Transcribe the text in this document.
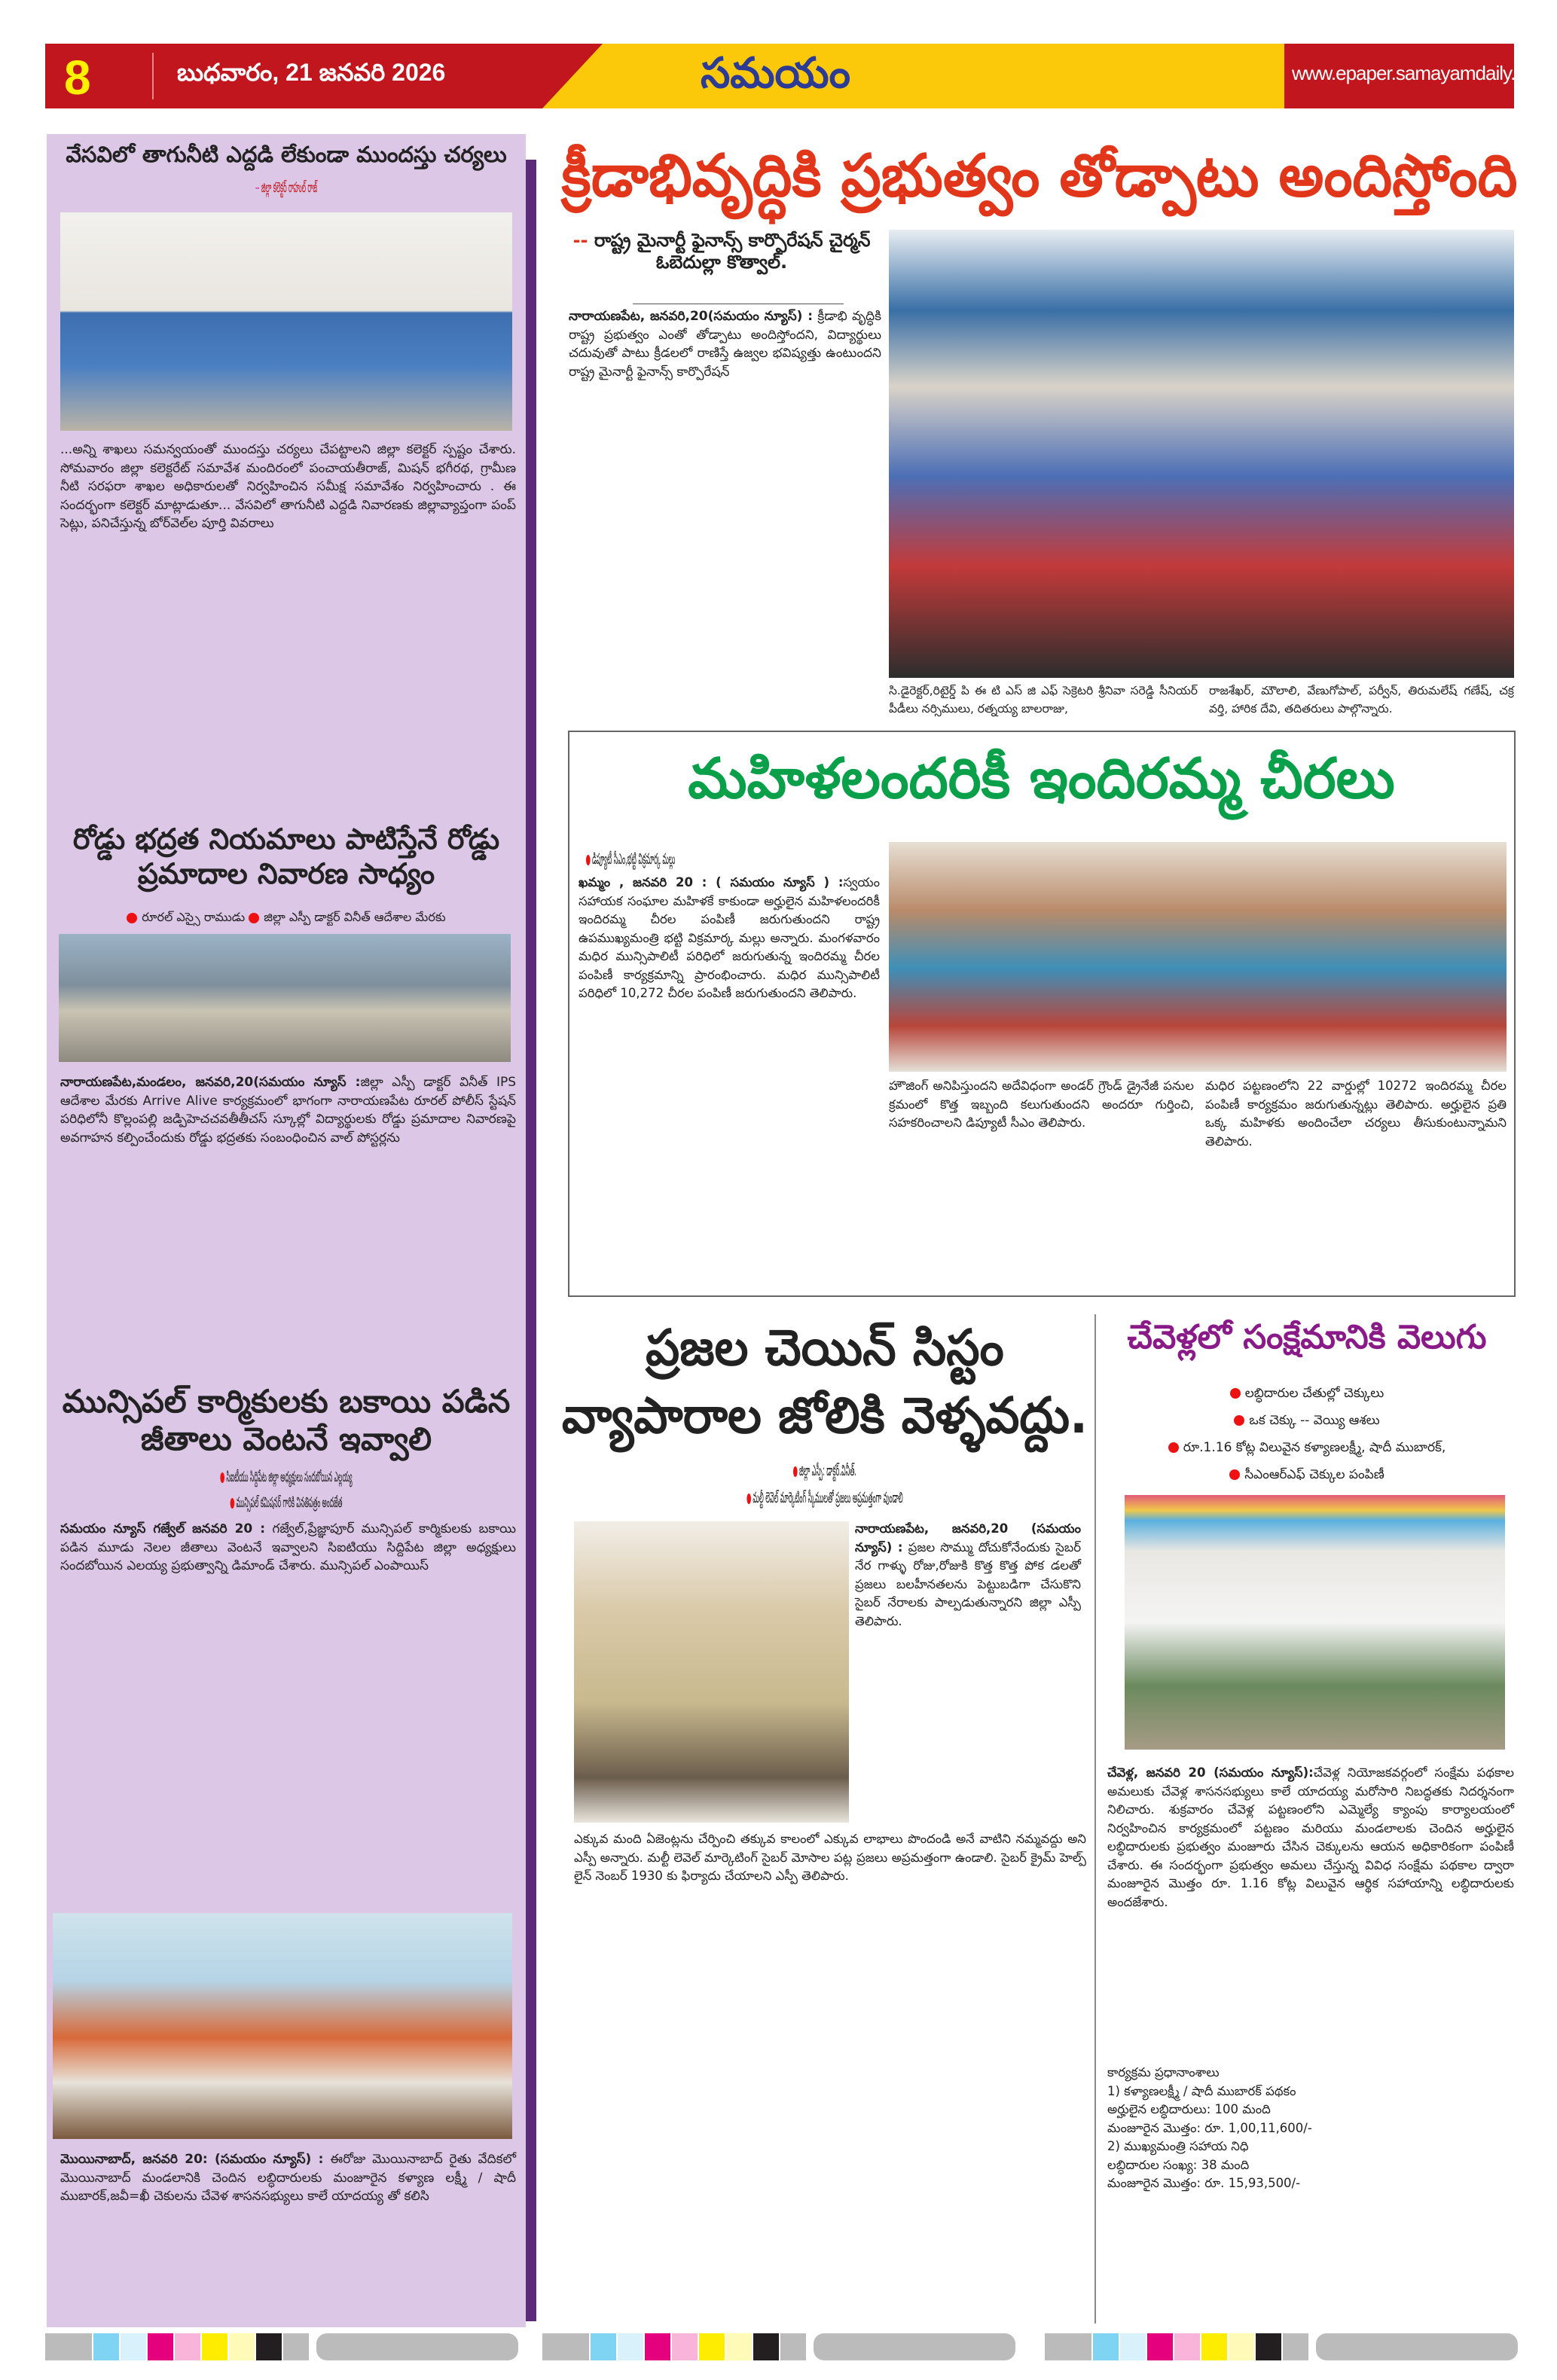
8	బుధవారం, 21 జనవరి 2026	సమయం	www.epaper.samayamdaily.net
వేసవిలో తాగునీటి ఎద్దడి లేకుండా ముందస్తు చర్యలు
-- జిల్లా కలెక్టర్ రాహుల్ రాజ్
...అన్ని శాఖలు సమన్వయంతో ముందస్తు చర్యలు చేపట్టాలని జిల్లా కలెక్టర్ స్పష్టం చేశారు. సోమవారం జిల్లా కలెక్టరేట్ సమావేశ మందిరంలో పంచాయతీరాజ్, మిషన్ భగీరథ, గ్రామీణ నీటి సరఫరా శాఖల అధికారులతో నిర్వహించిన సమీక్ష సమావేశం నిర్వహించారు . ఈ సందర్భంగా కలెక్టర్ మాట్లాడుతూ... వేసవిలో తాగునీటి ఎద్దడి నివారణకు జిల్లావ్యాప్తంగా పంప్ సెట్లు, పనిచేస్తున్న బోర్‌వెల్‌ల పూర్తి వివరాలు
రోడ్డు భద్రత నియమాలు పాటిస్తేనే రోడ్డు ప్రమాదాల నివారణ సాధ్యం
రూరల్ ఎస్సై రాముడు జిల్లా ఎస్పీ డాక్టర్ వినీత్ ఆదేశాల మేరకు
నారాయణపేట,మండలం, జనవరి,20(సమయం న్యూస్ :జిల్లా ఎస్పీ డాక్టర్ వినీత్ IPS ఆదేశాల మేరకు Arrive Alive కార్యక్రమంలో భాగంగా నారాయణపేట రూరల్ పోలీస్ స్టేషన్ పరిధిలోనీ కొల్లంపల్లి జడ్పిహెచచవతీతీచస్ స్కూల్లో విద్యార్థులకు రోడ్డు ప్రమాదాల నివారణపై అవగాహన కల్పించేందుకు రోడ్డు భద్రతకు సంబంధించిన వాల్ పోస్టర్లను
మున్సిపల్ కార్మికులకు బకాయి పడిన జీతాలు వెంటనే ఇవ్వాలి
సిఐటీయు సిద్దిపేట జిల్లా అధ్యక్షులు సందబోయిన ఎల్లయ్య
మున్సిపల్ కమిషనర్ గారికి వినతిపత్రం అందజేత
సమయం న్యూస్ గజ్వేల్ జనవరి 20 : గజ్వేల్,ప్రేజ్ఞాపూర్ మున్సిపల్ కార్మికులకు బకాయి పడిన మూడు నెలల జీతాలు వెంటనే ఇవ్వాలని సిఐటియు సిద్దిపేట జిల్లా అధ్యక్షులు సందబోయిన ఎలయ్య ప్రభుత్వాన్ని డిమాండ్ చేశారు. మున్సిపల్ ఎంపాయిస్
మొయినాబాద్, జనవరి 20: (సమయం న్యూస్) : ఈరోజు మొయినాబాద్ రైతు వేదికలో మొయినాబాద్ మండలానికి చెందిన లబ్ధిదారులకు మంజూరైన కళ్యాణ లక్ష్మీ / షాదీ ముబారక్,జవీ=ఖీ చెకులను చేవెళ శాసనసభ్యులు కాలే యాదయ్య తో కలిసి
క్రీడాభివృద్ధికి ప్రభుత్వం తోడ్పాటు అందిస్తోంది
-- రాష్ట్ర మైనార్టీ ఫైనాన్స్ కార్పొరేషన్ చైర్మన్ ఓబెదుల్లా కొత్వాల్.
నారాయణపేట, జనవరి,20(సమయం న్యూస్) : క్రీడాభి వృద్ధికి రాష్ట్ర ప్రభుత్వం ఎంతో తోడ్పాటు అందిస్తోందని, విద్యార్థులు చదువుతో పాటు క్రీడలలో రాణిస్తే ఉజ్వల భవిష్యత్తు ఉంటుందని రాష్ట్ర మైనార్టీ ఫైనాన్స్ కార్పొరేషన్
సి.డైరెక్టర్,రిటైర్డ్ పి ఈ టి ఎస్ జి ఎఫ్ సెక్రెటరి శ్రీనివా సరెడ్డి సీనియర్ పీడీలు నర్సిములు, రత్నయ్య బాలరాజు,
రాజశేఖర్, మౌలాలి, వేణుగోపాల్, పర్వీన్, తిరుమలేష్ గణేష్, చక్ర వర్తి, హారిక దేవి, తదితరులు పాల్గొన్నారు.
మహిళలందరికీ ఇందిరమ్మ చీరలు
డిప్యూటీ సీఎం,భట్టి విక్రమార్క మల్లు
ఖమ్మం , జనవరి 20 : ( సమయం న్యూస్ ) :స్వయం సహాయక సంఘాల మహిళకే కాకుండా అర్హులైన మహిళలందరికీ ఇందిరమ్మ చీరల పంపిణీ జరుగుతుందని రాష్ట్ర ఉపముఖ్యమంత్రి భట్టి విక్రమార్క మల్లు అన్నారు. మంగళవారం మధిర మున్సిపాలిటీ పరిధిలో జరుగుతున్న ఇందిరమ్మ చీరల పంపిణీ కార్యక్రమాన్ని ప్రారంభించారు. మధిర మున్సిపాలిటీ పరిధిలో 10,272 చీరల పంపిణీ జరుగుతుందని తెలిపారు.
హౌజింగ్ అనిపిస్తుందని అదేవిధంగా అండర్ గ్రౌండ్ డ్రైనేజీ పనుల క్రమంలో కొత్త ఇబ్బంది కలుగుతుందని అందరూ గుర్తించి, సహకరించాలని డిప్యూటీ సీఎం తెలిపారు.
మధిర పట్టణంలోని 22 వార్డుల్లో 10272 ఇందిరమ్మ చీరల పంపిణీ కార్యక్రమం జరుగుతున్నట్లు తెలిపారు. అర్హులైన ప్రతి ఒక్క మహిళకు అందించేలా చర్యలు తీసుకుంటున్నామని తెలిపారు.
ప్రజల చెయిన్ సిస్టం వ్యాపారాల జోలికి వెళ్ళవద్దు.
జిల్లా ఎస్పీ: డాక్టర్.వినీత్.
మల్టీ లెవెల్ మార్కెటింగ్ స్కీములతో ప్రజలు అప్రమత్తంగా వుండాలి
నారాయణపేట, జనవరి,20 (సమయం న్యూస్) : ప్రజల సొమ్ము దోచుకోనేందుకు సైబర్ నేర గాళ్ళు రోజు,రోజుకి కొత్త కొత్త పోక డలతో ప్రజలు బలహీనతలను పెట్టుబడిగా చేసుకొని సైబర్ నేరాలకు పాల్పడుతున్నారని జిల్లా ఎస్పీ తెలిపారు.
ఎక్కువ మంది ఏజెంట్లను చేర్పించి తక్కువ కాలంలో ఎక్కువ లాభాలు పొందండి అనే వాటిని నమ్మవద్దు అని ఎస్పీ అన్నారు. మల్టీ లెవెల్ మార్కెటింగ్ సైబర్ మోసాల పట్ల ప్రజలు అప్రమత్తంగా ఉండాలి. సైబర్ క్రైమ్ హెల్ప్ లైన్ నెంబర్ 1930 కు ఫిర్యాదు చేయాలని ఎస్పీ తెలిపారు.
చేవెళ్లలో సంక్షేమానికి వెలుగు
లబ్ధిదారుల చేతుల్లో చెక్కులు
ఒక చెక్కు -- వెయ్యి ఆశలు
రూ.1.16 కోట్ల విలువైన కళ్యాణలక్ష్మీ, షాదీ ముబారక్,
సీఎంఆర్ఎఫ్ చెక్కుల పంపిణీ
చేవెళ్ల, జనవరి 20 (సమయం న్యూస్):చేవెళ్ల నియోజకవర్గంలో సంక్షేమ పథకాల అమలుకు చేవెళ్ల శాసనసభ్యులు కాలే యాదయ్య మరోసారి నిబద్ధతకు నిదర్శనంగా నిలిచారు. శుక్రవారం చేవెళ్ల పట్టణంలోని ఎమ్మెల్యే క్యాంపు కార్యాలయంలో నిర్వహించిన కార్యక్రమంలో పట్టణం మరియు మండలాలకు చెందిన అర్హులైన లబ్ధిదారులకు ప్రభుత్వం మంజూరు చేసిన చెక్కులను ఆయన అధికారికంగా పంపిణీ చేశారు. ఈ సందర్భంగా ప్రభుత్వం అమలు చేస్తున్న వివిధ సంక్షేమ పథకాల ద్వారా మంజూరైన మొత్తం రూ. 1.16 కోట్ల విలువైన ఆర్థిక సహాయాన్ని లబ్ధిదారులకు అందజేశారు.
కార్యక్రమ ప్రధానాంశాలు
1) కళ్యాణలక్ష్మీ / షాదీ ముబారక్ పథకం
అర్హులైన లబ్ధిదారులు: 100 మంది
మంజూరైన మొత్తం: రూ. 1,00,11,600/-
2) ముఖ్యమంత్రి సహాయ నిధి
లబ్ధిదారుల సంఖ్య: 38 మంది
మంజూరైన మొత్తం: రూ. 15,93,500/-
